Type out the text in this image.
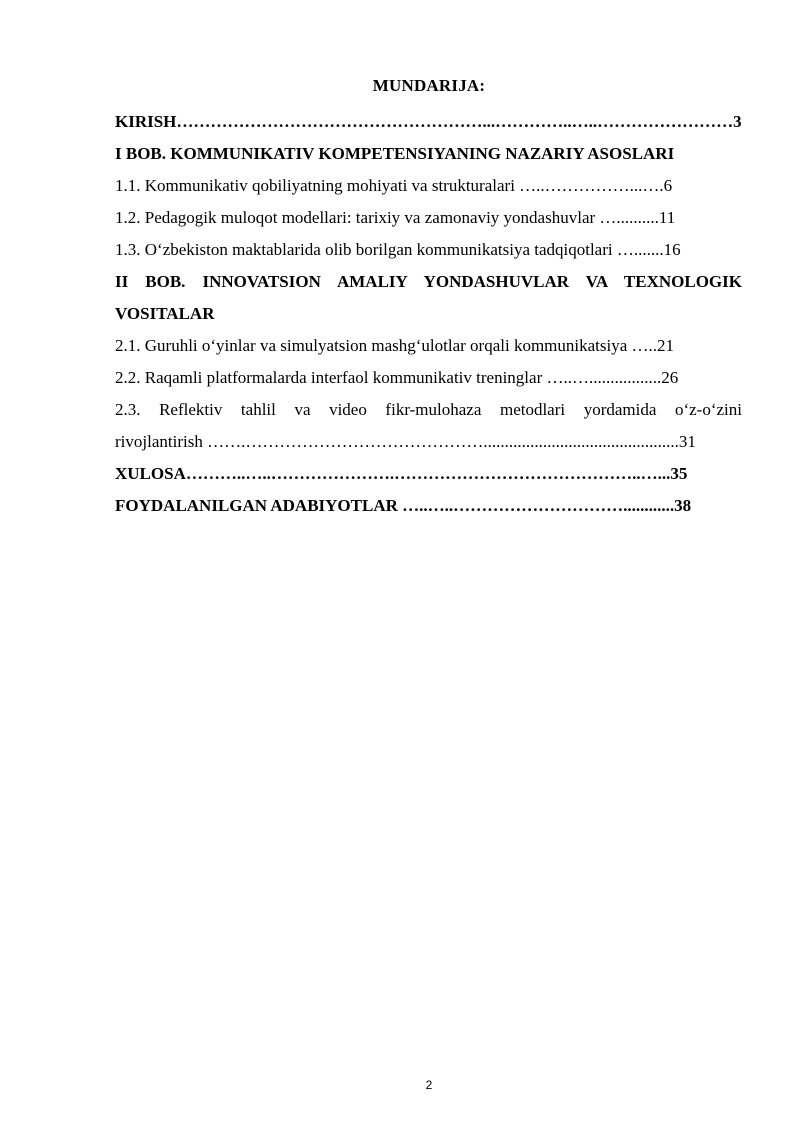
MUNDARIJA:
KIRISH………………………………………………...…………..…..……………………3
I BOB. KOMMUNIKATIV KOMPETENSIYANING NAZARIY ASOSLARI
1.1. Kommunikativ qobiliyatning mohiyati va strukturalari …..……………...….6
1.2. Pedagogik muloqot modellari: tarixiy va zamonaviy yondashuvlar …..........11
1.3. O‘zbekiston maktablarida olib borilgan kommunikatsiya tadqiqotlari ….......16
II BOB. INNOVATSION AMALIY YONDASHUVLAR VA TEXNOLOGIK
VOSITALAR
2.1. Guruhli o‘yinlar va simulyatsion mashg‘ulotlar orqali kommunikatsiya …..21
2.2. Raqamli platformalarda interfaol kommunikativ treninglar …..….................26
2.3. Reflektiv tahlil va video fikr-mulohaza metodlari yordamida o‘z-o‘zini
rivojlantirish …….……………………………………..............................................31
XULOSA………..…..………………….……………………………………..…...35
FOYDALANILGAN ADABIYOTLAR …..…..…………………………............38
2
